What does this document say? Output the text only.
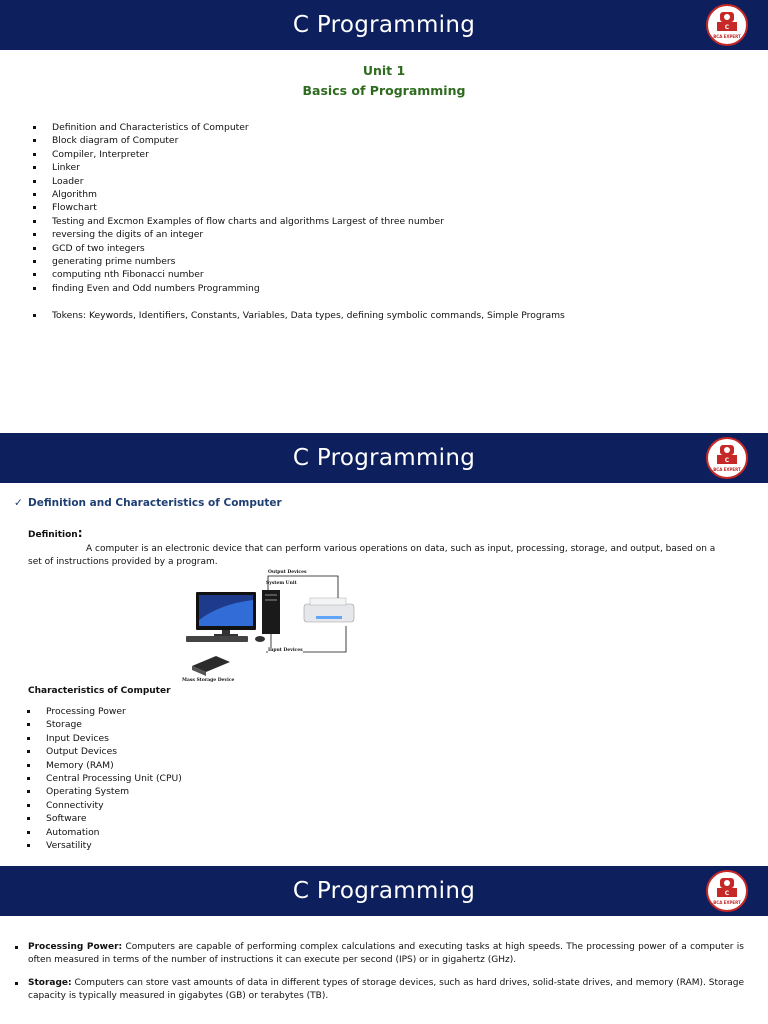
C Programming	C
BCA EXPERT
Unit 1
Basics of Programming
Definition and Characteristics of Computer
Block diagram of Computer
Compiler, Interpreter
Linker
Loader
Algorithm
Flowchart
Testing and Excmon Examples of flow charts and algorithms Largest of three number
reversing the digits of an integer
GCD of two integers
generating prime numbers
computing nth Fibonacci number
finding Even and Odd numbers Programming
Tokens: Keywords, Identifiers, Constants, Variables, Data types, defining symbolic commands, Simple Programs
C Programming	C
BCA EXPERT
✓ Definition and Characteristics of Computer
Definition:
A computer is an electronic device that can perform various operations on data, such as input, processing, storage, and output, based on a set of instructions provided by a program.
Output Devices
System Unit
Input Devices
Mass Storage Device
Characteristics of Computer
Processing Power
Storage
Input Devices
Output Devices
Memory (RAM)
Central Processing Unit (CPU)
Operating System
Connectivity
Software
Automation
Versatility
C Programming	C
BCA EXPERT
Processing Power: Computers are capable of performing complex calculations and executing tasks at high speeds. The processing power of a computer is often measured in terms of the number of instructions it can execute per second (IPS) or in gigahertz (GHz).
Storage: Computers can store vast amounts of data in different types of storage devices, such as hard drives, solid-state drives, and memory (RAM). Storage capacity is typically measured in gigabytes (GB) or terabytes (TB).
